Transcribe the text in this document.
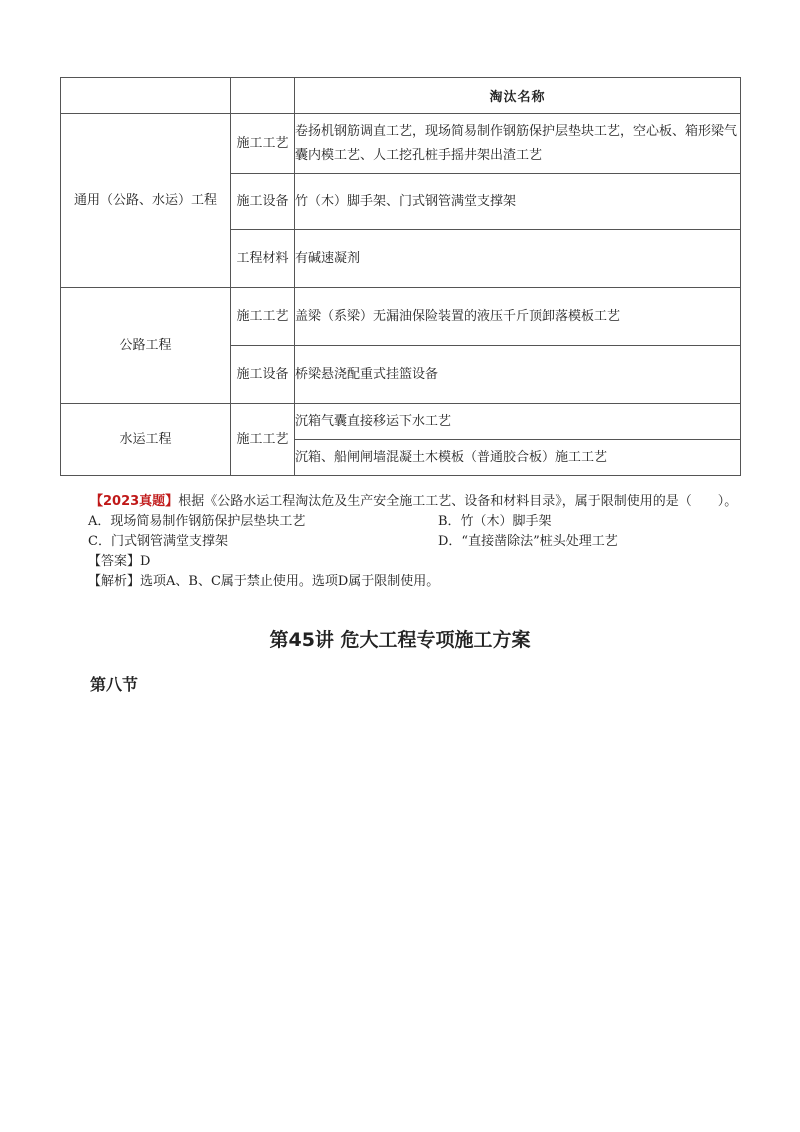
		淘汰名称
通用（公路、水运）工程	施工工艺	卷扬机钢筋调直工艺，现场简易制作钢筋保护层垫块工艺，空心板、箱形梁气囊内模工艺、人工挖孔桩手摇井架出渣工艺
	施工设备	竹（木）脚手架、门式钢管满堂支撑架
	工程材料	有碱速凝剂
公路工程	施工工艺	盖梁（系梁）无漏油保险装置的液压千斤顶卸落模板工艺
	施工设备	桥梁悬浇配重式挂篮设备
水运工程	施工工艺	沉箱气囊直接移运下水工艺
		沉箱、船闸闸墙混凝土木模板（普通胶合板）施工工艺
【2023真题】根据《公路水运工程淘汰危及生产安全施工工艺、设备和材料目录》，属于限制使用的是（　　）。
A．现场简易制作钢筋保护层垫块工艺	B．竹（木）脚手架
C．门式钢管满堂支撑架	D．“直接凿除法”桩头处理工艺
【答案】D
【解析】选项A、B、C属于禁止使用。选项D属于限制使用。
第45讲 危大工程专项施工方案
第八节
